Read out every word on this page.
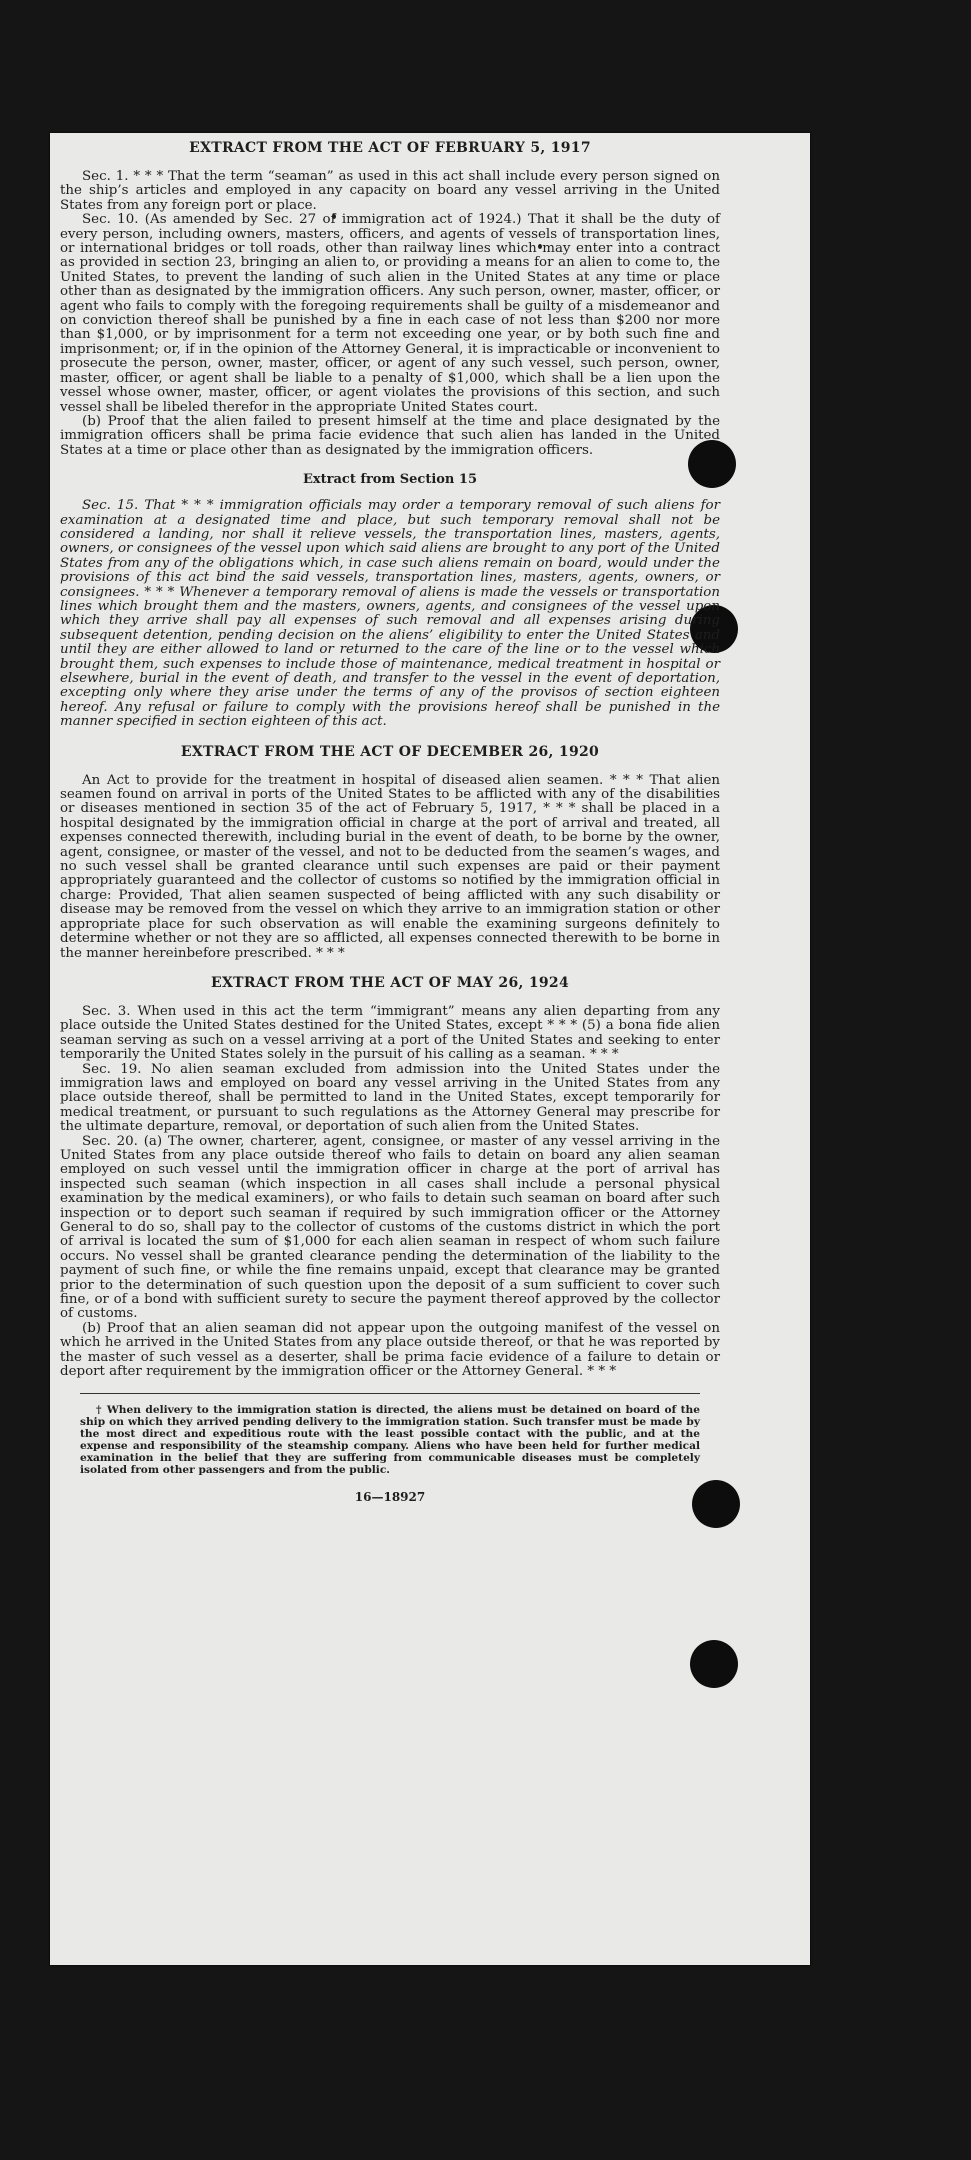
EXTRACT FROM THE ACT OF FEBRUARY 5, 1917

Sec. 1. * * * That the term “seaman” as used in this act shall include every person signed on the ship’s articles and employed in any capacity on board any vessel arriving in the United States from any foreign port or place.

Sec. 10. (As amended by Sec. 27 of immigration act of 1924.) That it shall be the duty of every person, including owners, masters, officers, and agents of vessels of transportation lines, or international bridges or toll roads, other than railway lines which may enter into a contract as provided in section 23, bringing an alien to, or providing a means for an alien to come to, the United States, to prevent the landing of such alien in the United States at any time or place other than as designated by the immigration officers. Any such person, owner, master, officer, or agent who fails to comply with the foregoing requirements shall be guilty of a misdemeanor and on conviction thereof shall be punished by a fine in each case of not less than $200 nor more than $1,000, or by imprisonment for a term not exceeding one year, or by both such fine and imprisonment; or, if in the opinion of the Attorney General, it is impracticable or inconvenient to prosecute the person, owner, master, officer, or agent of any such vessel, such person, owner, master, officer, or agent shall be liable to a penalty of $1,000, which shall be a lien upon the vessel whose owner, master, officer, or agent violates the provisions of this section, and such vessel shall be libeled therefor in the appropriate United States court.

(b) Proof that the alien failed to present himself at the time and place designated by the immigration officers shall be prima facie evidence that such alien has landed in the United States at a time or place other than as designated by the immigration officers.

Extract from Section 15

Sec. 15. That * * * immigration officials may order a temporary removal of such aliens for examination at a designated time and place, but such temporary removal shall not be considered a landing, nor shall it relieve vessels, the transportation lines, masters, agents, owners, or consignees of the vessel upon which said aliens are brought to any port of the United States from any of the obligations which, in case such aliens remain on board, would under the provisions of this act bind the said vessels, transportation lines, masters, agents, owners, or consignees. * * * Whenever a temporary removal of aliens is made the vessels or transportation lines which brought them and the masters, owners, agents, and consignees of the vessel upon which they arrive shall pay all expenses of such removal and all expenses arising during subsequent detention, pending decision on the aliens’ eligibility to enter the United States and until they are either allowed to land or returned to the care of the line or to the vessel which brought them, such expenses to include those of maintenance, medical treatment in hospital or elsewhere, burial in the event of death, and transfer to the vessel in the event of deportation, excepting only where they arise under the terms of any of the provisos of section eighteen hereof. Any refusal or failure to comply with the provisions hereof shall be punished in the manner specified in section eighteen of this act.

EXTRACT FROM THE ACT OF DECEMBER 26, 1920

An Act to provide for the treatment in hospital of diseased alien seamen. * * * That alien seamen found on arrival in ports of the United States to be afflicted with any of the disabilities or diseases mentioned in section 35 of the act of February 5, 1917, * * * shall be placed in a hospital designated by the immigration official in charge at the port of arrival and treated, all expenses connected therewith, including burial in the event of death, to be borne by the owner, agent, consignee, or master of the vessel, and not to be deducted from the seamen’s wages, and no such vessel shall be granted clearance until such expenses are paid or their payment appropriately guaranteed and the collector of customs so notified by the immigration official in charge: Provided, That alien seamen suspected of being afflicted with any such disability or disease may be removed from the vessel on which they arrive to an immigration station or other appropriate place for such observation as will enable the examining surgeons definitely to determine whether or not they are so afflicted, all expenses connected therewith to be borne in the manner hereinbefore prescribed. * * *

EXTRACT FROM THE ACT OF MAY 26, 1924

Sec. 3. When used in this act the term “immigrant” means any alien departing from any place outside the United States destined for the United States, except * * * (5) a bona fide alien seaman serving as such on a vessel arriving at a port of the United States and seeking to enter temporarily the United States solely in the pursuit of his calling as a seaman. * * *

Sec. 19. No alien seaman excluded from admission into the United States under the immigration laws and employed on board any vessel arriving in the United States from any place outside thereof, shall be permitted to land in the United States, except temporarily for medical treatment, or pursuant to such regulations as the Attorney General may prescribe for the ultimate departure, removal, or deportation of such alien from the United States.

Sec. 20. (a) The owner, charterer, agent, consignee, or master of any vessel arriving in the United States from any place outside thereof who fails to detain on board any alien seaman employed on such vessel until the immigration officer in charge at the port of arrival has inspected such seaman (which inspection in all cases shall include a personal physical examination by the medical examiners), or who fails to detain such seaman on board after such inspection or to deport such seaman if required by such immigration officer or the Attorney General to do so, shall pay to the collector of customs of the customs district in which the port of arrival is located the sum of $1,000 for each alien seaman in respect of whom such failure occurs. No vessel shall be granted clearance pending the determination of the liability to the payment of such fine, or while the fine remains unpaid, except that clearance may be granted prior to the determination of such question upon the deposit of a sum sufficient to cover such fine, or of a bond with sufficient surety to secure the payment thereof approved by the collector of customs.

(b) Proof that an alien seaman did not appear upon the outgoing manifest of the vessel on which he arrived in the United States from any place outside thereof, or that he was reported by the master of such vessel as a deserter, shall be prima facie evidence of a failure to detain or deport after requirement by the immigration officer or the Attorney General. * * *

† When delivery to the immigration station is directed, the aliens must be detained on board of the ship on which they arrived pending delivery to the immigration station. Such transfer must be made by the most direct and expeditious route with the least possible contact with the public, and at the expense and responsibility of the steamship company. Aliens who have been held for further medical examination in the belief that they are suffering from communicable diseases must be completely isolated from other passengers and from the public.

16—18927
